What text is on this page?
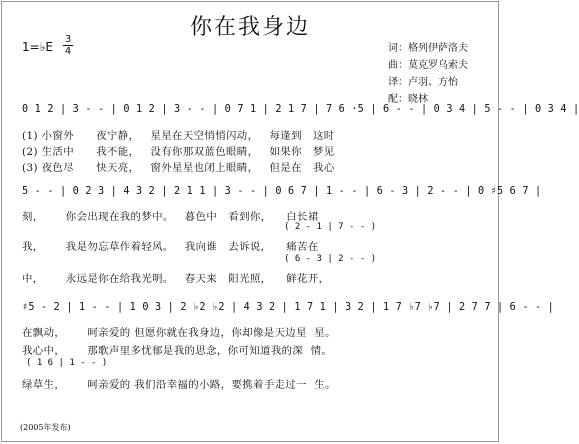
你在我身边
1=♭E
3
4	词：格列伊萨洛夫
曲：莫克罗乌索夫
译：卢羽、方怡
配：晓林
0 1 2 | 3 - - | 0 1 2 | 3 - - | 0 7 1 | 2 1 7 | 7 6 ·5 | 6 - - | 0 3 4 | 5 - - | 0 3 4 |
(1) 小窗外      夜宁静，   星星在天空悄悄闪动，   每逢到   这时
(2) 生活中      我不能，   没有你那双蓝色眼睛，   如果你   梦见
(3) 夜色尽      快天亮，   窗外星星也闭上眼睛，   但是在   我心
5 - - | 0 2 3 | 4 3 2 | 2 1 1 | 3 - - | 0 6 7 | 1 - - | 6 - 3 | 2 - - | 0 ♯5 6 7 |
刻，      你会出现在我的梦中。   暮色中   看到你，    白长裙
( 2 - 1 | 7 - - )
我，      我是勿忘草作着轻风。   我向谁   去诉说，    痛苦在
( 6 - 3 | 2 - - )
中，      永远是你在给我光明。   春天来   阳光照，    鲜花开，
♯5 - 2 | 1 - - | 1 0 3 | 2 ♭2 ♭2 | 4 3 2 | 1 7 1 | 3 2 | 1 7 ♭7 ♭7 | 2 7 7 | 6 - - |
在飘动，      呵亲爱的 但愿你就在我身边，你却像是天边星  星。
我心中，      那歌声里多忧郁是我的思念，你可知道我的深  情。
( 1 6 | 1 - - )
绿草生，      呵亲爱的 我们沿幸福的小路，要携着手走过一  生。
(2005年发布)
